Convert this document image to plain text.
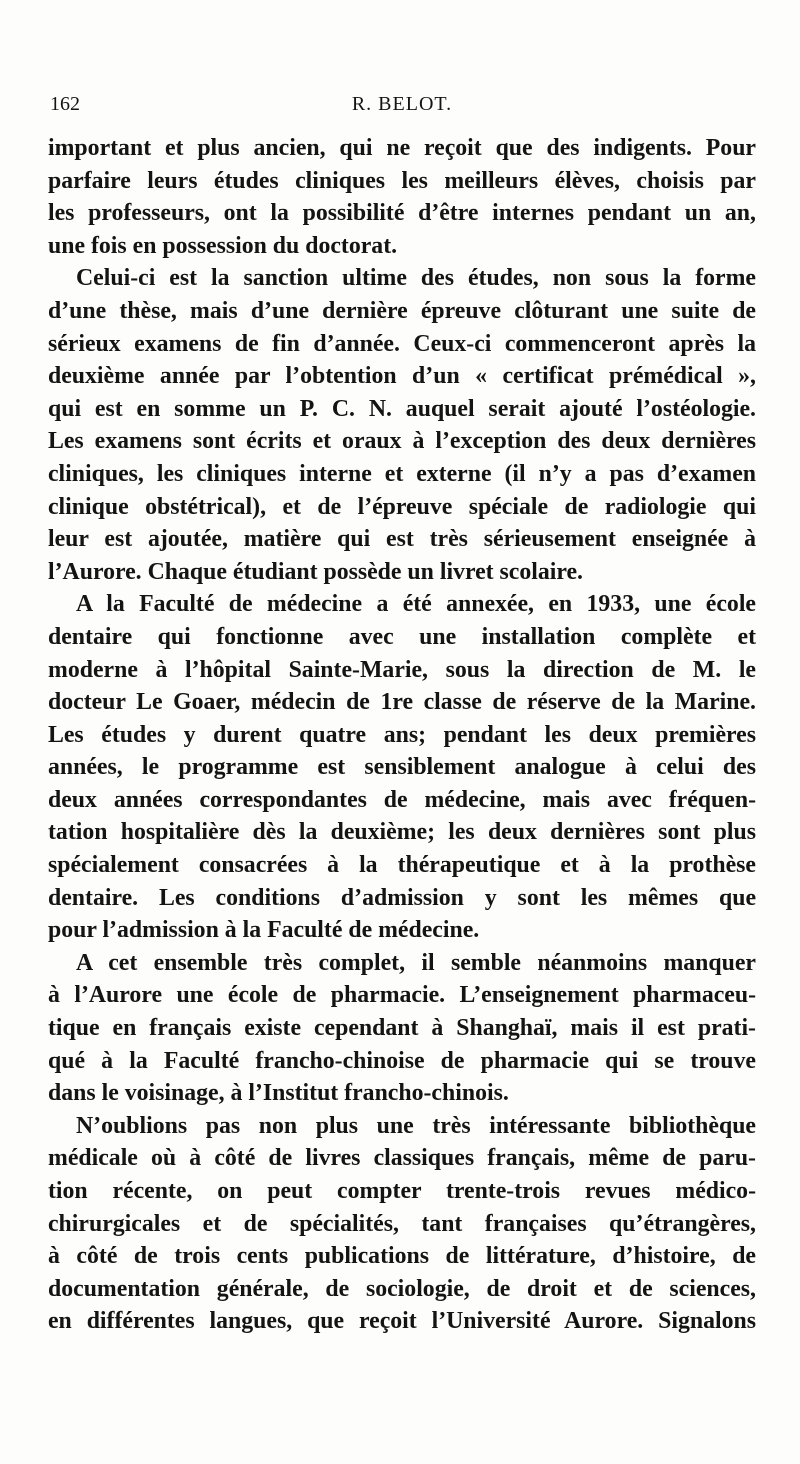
162	R. BELOT.
important et plus ancien, qui ne reçoit que des indigents. Pour
parfaire leurs études cliniques les meilleurs élèves, choisis par
les professeurs, ont la possibilité d’être internes pendant un an,
une fois en possession du doctorat.
Celui-ci est la sanction ultime des études, non sous la forme
d’une thèse, mais d’une dernière épreuve clôturant une suite de
sérieux examens de fin d’année. Ceux-ci commenceront après la
deuxième année par l’obtention d’un « certificat prémédical »,
qui est en somme un P. C. N. auquel serait ajouté l’ostéologie.
Les examens sont écrits et oraux à l’exception des deux dernières
cliniques, les cliniques interne et externe (il n’y a pas d’examen
clinique obstétrical), et de l’épreuve spéciale de radiologie qui
leur est ajoutée, matière qui est très sérieusement enseignée à
l’Aurore. Chaque étudiant possède un livret scolaire.
A la Faculté de médecine a été annexée, en 1933, une école
dentaire qui fonctionne avec une installation complète et
moderne à l’hôpital Sainte-Marie, sous la direction de M. le
docteur Le Goaer, médecin de 1re classe de réserve de la Marine.
Les études y durent quatre ans; pendant les deux premières
années, le programme est sensiblement analogue à celui des
deux années correspondantes de médecine, mais avec fréquen-
tation hospitalière dès la deuxième; les deux dernières sont plus
spécialement consacrées à la thérapeutique et à la prothèse
dentaire. Les conditions d’admission y sont les mêmes que
pour l’admission à la Faculté de médecine.
A cet ensemble très complet, il semble néanmoins manquer
à l’Aurore une école de pharmacie. L’enseignement pharmaceu-
tique en français existe cependant à Shanghaï, mais il est prati-
qué à la Faculté francho-chinoise de pharmacie qui se trouve
dans le voisinage, à l’Institut francho-chinois.
N’oublions pas non plus une très intéressante bibliothèque
médicale où à côté de livres classiques français, même de paru-
tion récente, on peut compter trente-trois revues médico-
chirurgicales et de spécialités, tant françaises qu’étrangères,
à côté de trois cents publications de littérature, d’histoire, de
documentation générale, de sociologie, de droit et de sciences,
en différentes langues, que reçoit l’Université Aurore. Signalons
